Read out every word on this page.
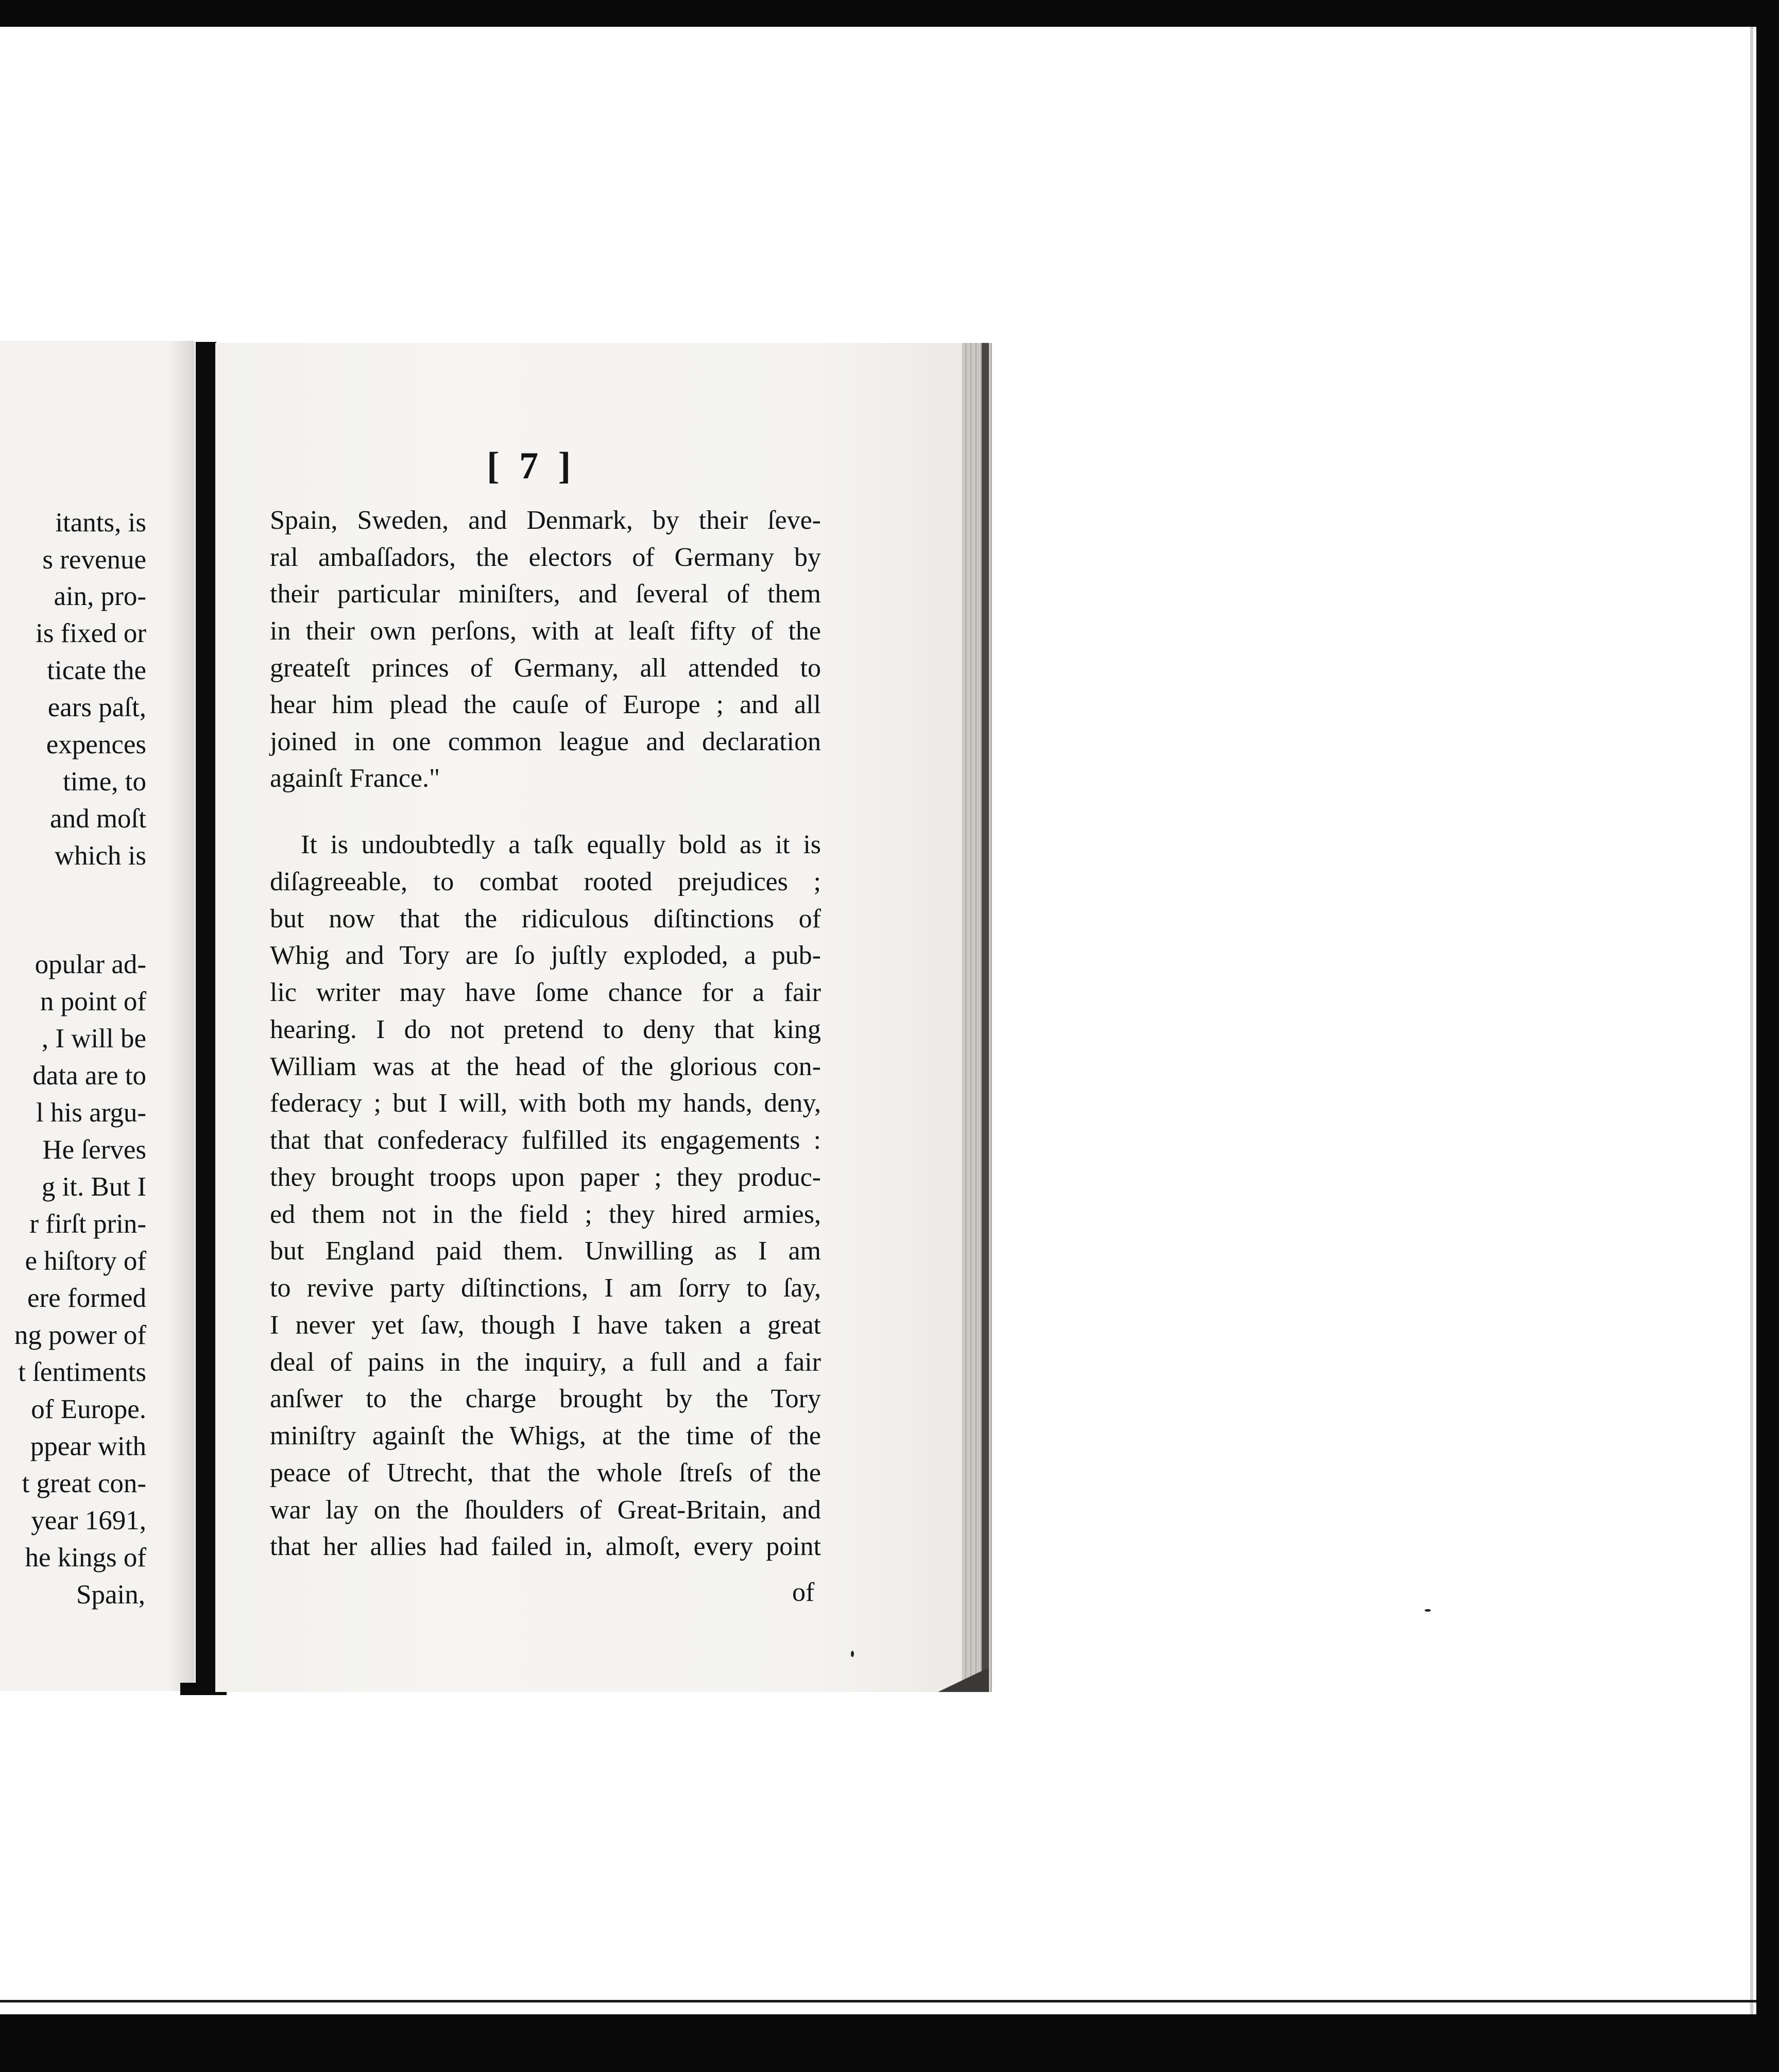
itants, is
s revenue
ain, pro-
is fixed or
ticate the
ears paſt,
expences
time, to
and moſt
which is
opular ad-
n point of
, I will be
data are to
l his argu-
He ſerves
g it. But I
r firſt prin-
e hiſtory of
ere formed
ng power of
t ſentiments
of Europe.
ppear with
t great con-
year 1691,
he kings of
Spain,
[ 7 ]
Spain, Sweden, and Denmark, by their ſeve-
ral ambaſſadors, the electors of Germany by
their particular miniſters, and ſeveral of them
in their own perſons, with at leaſt fifty of the
greateſt princes of Germany, all attended to
hear him plead the cauſe of Europe ; and all
joined in one common league and declaration
againſt France."
It is undoubtedly a taſk equally bold as it is
diſagreeable, to combat rooted prejudices ;
but now that the ridiculous diſtinctions of
Whig and Tory are ſo juſtly exploded, a pub-
lic writer may have ſome chance for a fair
hearing. I do not pretend to deny that king
William was at the head of the glorious con-
federacy ; but I will, with both my hands, deny,
that that confederacy fulfilled its engagements :
they brought troops upon paper ; they produc-
ed them not in the field ; they hired armies,
but England paid them. Unwilling as I am
to revive party diſtinctions, I am ſorry to ſay,
I never yet ſaw, though I have taken a great
deal of pains in the inquiry, a full and a fair
anſwer to the charge brought by the Tory
miniſtry againſt the Whigs, at the time of the
peace of Utrecht, that the whole ſtreſs of the
war lay on the ſhoulders of Great-Britain, and
that her allies had failed in, almoſt, every point
of
